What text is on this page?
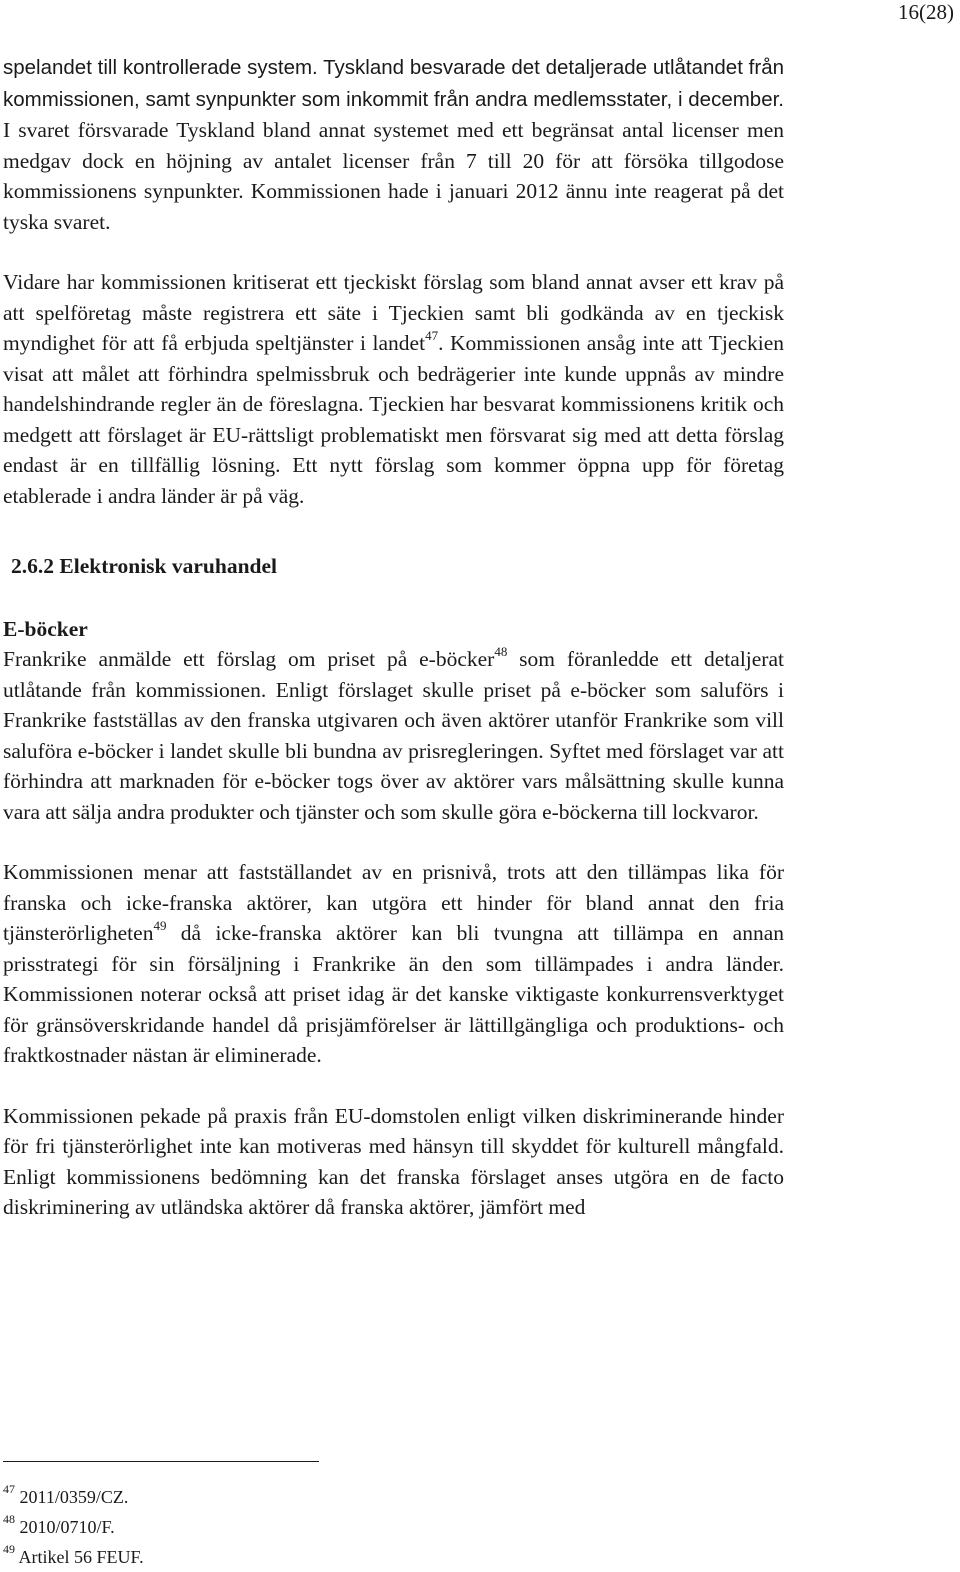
16(28)

spelandet till kontrollerade system. Tyskland besvarade det detaljerade utlåtandet från kommissionen, samt synpunkter som inkommit från andra medlemsstater, i december. I svaret försvarade Tyskland bland annat systemet med ett begränsat antal licenser men medgav dock en höjning av antalet licenser från 7 till 20 för att försöka tillgodose kommissionens synpunkter. Kommissionen hade i januari 2012 ännu inte reagerat på det tyska svaret.

Vidare har kommissionen kritiserat ett tjeckiskt förslag som bland annat avser ett krav på att spelföretag måste registrera ett säte i Tjeckien samt bli godkända av en tjeckisk myndighet för att få erbjuda speltjänster i landet$^{47}$. Kommissionen ansåg inte att Tjeckien visat att målet att förhindra spelmissbruk och bedrägerier inte kunde uppnås av mindre handelshindrande regler än de föreslagna. Tjeckien har besvarat kommissionens kritik och medgett att förslaget är EU-rättsligt problematiskt men försvarat sig med att detta förslag endast är en tillfällig lösning. Ett nytt förslag som kommer öppna upp för företag etablerade i andra länder är på väg.

2.6.2 Elektronisk varuhandel
E-böcker

Frankrike anmälde ett förslag om priset på e-böcker$^{48}$ som föranledde ett detaljerat utlåtande från kommissionen. Enligt förslaget skulle priset på e-böcker som saluförs i Frankrike fastställas av den franska utgivaren och även aktörer utanför Frankrike som vill saluföra e-böcker i landet skulle bli bundna av prisregleringen. Syftet med förslaget var att förhindra att marknaden för e-böcker togs över av aktörer vars målsättning skulle kunna vara att sälja andra produkter och tjänster och som skulle göra e-böckerna till lockvaror.

Kommissionen menar att fastställandet av en prisnivå, trots att den tillämpas lika för franska och icke-franska aktörer, kan utgöra ett hinder för bland annat den fria tjänsterörligheten$^{49}$ då icke-franska aktörer kan bli tvungna att tillämpa en annan prisstrategi för sin försäljning i Frankrike än den som tillämpades i andra länder. Kommissionen noterar också att priset idag är det kanske viktigaste konkurrensverktyget för gränsöverskridande handel då prisjämförelser är lättillgängliga och produktions- och fraktkostnader nästan är eliminerade.

Kommissionen pekade på praxis från EU-domstolen enligt vilken diskriminerande hinder för fri tjänsterörlighet inte kan motiveras med hänsyn till skyddet för kulturell mångfald. Enligt kommissionens bedömning kan det franska förslaget anses utgöra en de facto diskriminering av utländska aktörer då franska aktörer, jämfört med

$^{47}$ 2011/0359/CZ.
$^{48}$ 2010/0710/F.
$^{49}$ Artikel 56 FEUF.
